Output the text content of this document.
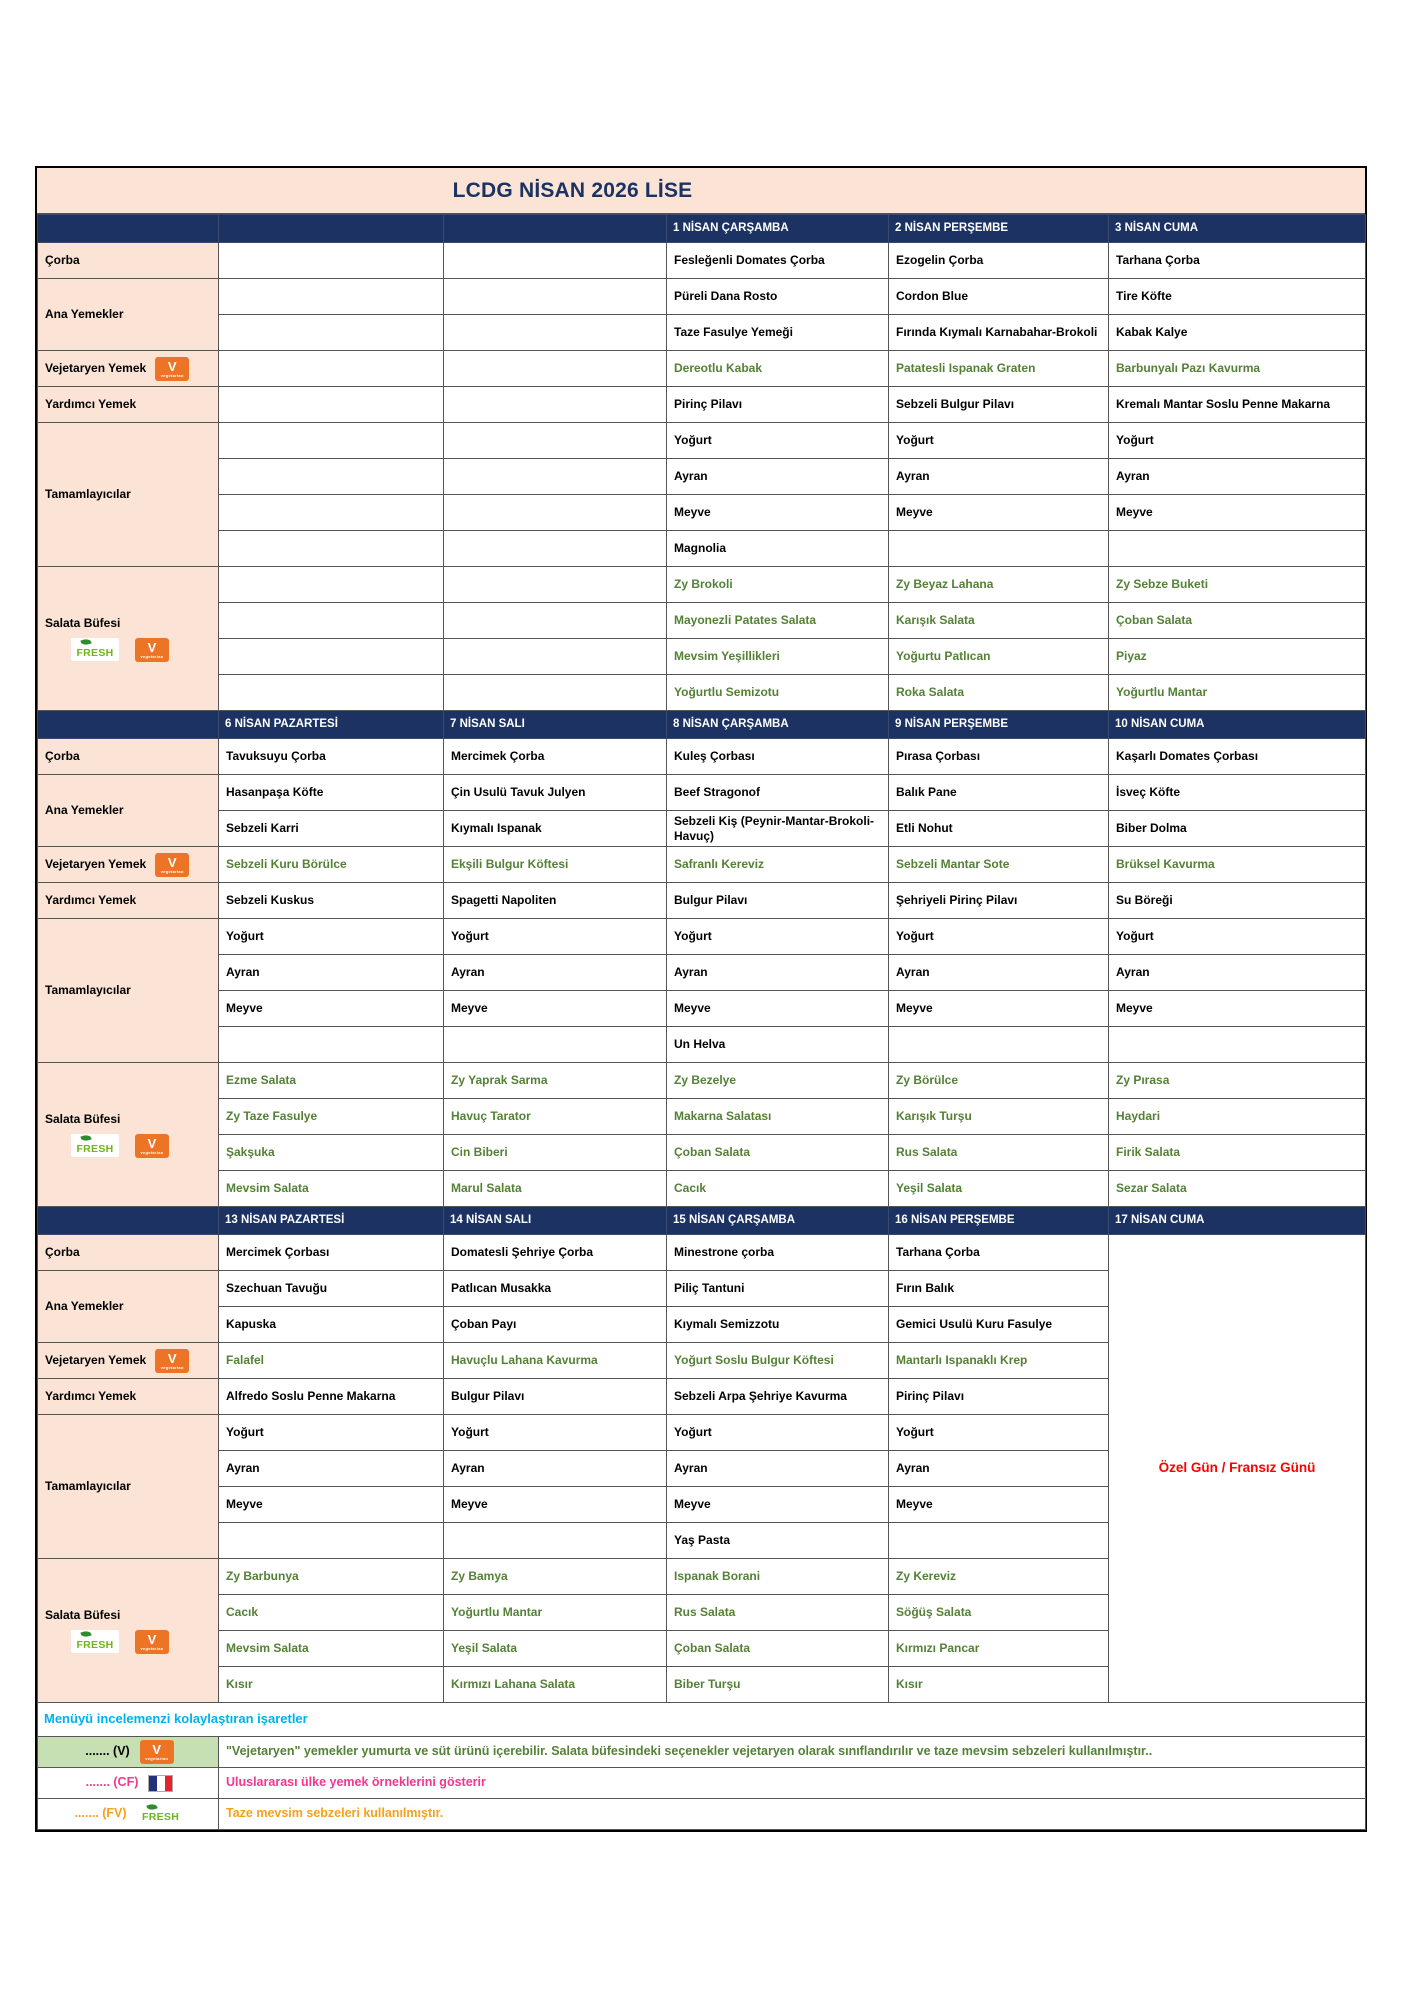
LCDG NİSAN 2026 LİSE
			1 NİSAN ÇARŞAMBA	2 NİSAN PERŞEMBE	3 NİSAN CUMA
Çorba			Fesleğenli Domates Çorba	Ezogelin Çorba	Tarhana Çorba
Ana Yemekler			Püreli Dana Rosto	Cordon Blue	Tire Köfte
			Taze Fasulye Yemeği	Fırında Kıymalı Karnabahar-Brokoli	Kabak Kalye

Vejetaryen Yemek V
vegetarian			Dereotlu Kabak	Patatesli Ispanak Graten	Barbunyalı Pazı Kavurma
Yardımcı Yemek			Pirinç Pilavı	Sebzeli Bulgur Pilavı	Kremalı Mantar Soslu Penne Makarna
Tamamlayıcılar			Yoğurt	Yoğurt	Yoğurt
			Ayran	Ayran	Ayran
			Meyve	Meyve	Meyve
			Magnolia		

Salata Büfesi
FRESH V
vegetarian			Zy Brokoli	Zy Beyaz Lahana	Zy Sebze Buketi
			Mayonezli Patates Salata	Karışık Salata	Çoban Salata
			Mevsim Yeşillikleri	Yoğurtu Patlıcan	Piyaz
			Yoğurtlu Semizotu	Roka Salata	Yoğurtlu Mantar
	6 NİSAN PAZARTESİ	7 NİSAN SALI	8 NİSAN ÇARŞAMBA	9 NİSAN PERŞEMBE	10 NİSAN CUMA
Çorba	Tavuksuyu Çorba	Mercimek Çorba	Kuleş Çorbası	Pırasa Çorbası	Kaşarlı Domates Çorbası
Ana Yemekler	Hasanpaşa Köfte	Çin Usulü Tavuk Julyen	Beef Stragonof	Balık Pane	İsveç Köfte
	Sebzeli Karri	Kıymalı Ispanak	Sebzeli Kiş (Peynir-Mantar-Brokoli-Havuç)	Etli Nohut	Biber Dolma

Vejetaryen Yemek V
vegetarian	Sebzeli Kuru Börülce	Ekşili Bulgur Köftesi	Safranlı Kereviz	Sebzeli Mantar Sote	Brüksel Kavurma
Yardımcı Yemek	Sebzeli Kuskus	Spagetti Napoliten	Bulgur Pilavı	Şehriyeli Pirinç Pilavı	Su Böreği
Tamamlayıcılar	Yoğurt	Yoğurt	Yoğurt	Yoğurt	Yoğurt
	Ayran	Ayran	Ayran	Ayran	Ayran
	Meyve	Meyve	Meyve	Meyve	Meyve
			Un Helva		

Salata Büfesi
FRESH V
vegetarian	Ezme Salata	Zy Yaprak Sarma	Zy Bezelye	Zy Börülce	Zy Pırasa
	Zy Taze Fasulye	Havuç Tarator	Makarna Salatası	Karışık Turşu	Haydari
	Şakşuka	Cin Biberi	Çoban Salata	Rus Salata	Firik Salata
	Mevsim Salata	Marul Salata	Cacık	Yeşil Salata	Sezar Salata
	13 NİSAN PAZARTESİ	14 NİSAN SALI	15 NİSAN ÇARŞAMBA	16 NİSAN PERŞEMBE	17 NİSAN CUMA
Çorba	Mercimek Çorbası	Domatesli Şehriye Çorba	Minestrone çorba	Tarhana Çorba	Özel Gün / Fransız Günü
Ana Yemekler	Szechuan Tavuğu	Patlıcan Musakka	Piliç Tantuni	Fırın Balık	
	Kapuska	Çoban Payı	Kıymalı Semizzotu	Gemici Usulü Kuru Fasulye	

Vejetaryen Yemek V
vegetarian	Falafel	Havuçlu Lahana Kavurma	Yoğurt Soslu Bulgur Köftesi	Mantarlı Ispanaklı Krep	
Yardımcı Yemek	Alfredo Soslu Penne Makarna	Bulgur Pilavı	Sebzeli Arpa Şehriye Kavurma	Pirinç Pilavı	
Tamamlayıcılar	Yoğurt	Yoğurt	Yoğurt	Yoğurt	
	Ayran	Ayran	Ayran	Ayran	
	Meyve	Meyve	Meyve	Meyve	
			Yaş Pasta		

Salata Büfesi
FRESH V
vegetarian	Zy Barbunya	Zy Bamya	Ispanak Borani	Zy Kereviz	
	Cacık	Yoğurtlu Mantar	Rus Salata	Söğüş Salata	
	Mevsim Salata	Yeşil Salata	Çoban Salata	Kırmızı Pancar	
	Kısır	Kırmızı Lahana Salata	Biber Turşu	Kısır	
Menüyü incelemenzi kolaylaştıran işaretler					

....... (V) V
vegetarian	"Vejetaryen" yemekler yumurta ve süt ürünü içerebilir. Salata büfesindeki seçenekler vejetaryen olarak sınıflandırılır ve taze mevsim sebzeleri kullanılmıştır..				

....... (CF)	Uluslararası ülke yemek örneklerini gösterir				

....... (FV) FRESH	Taze mevsim sebzeleri kullanılmıştır.				
